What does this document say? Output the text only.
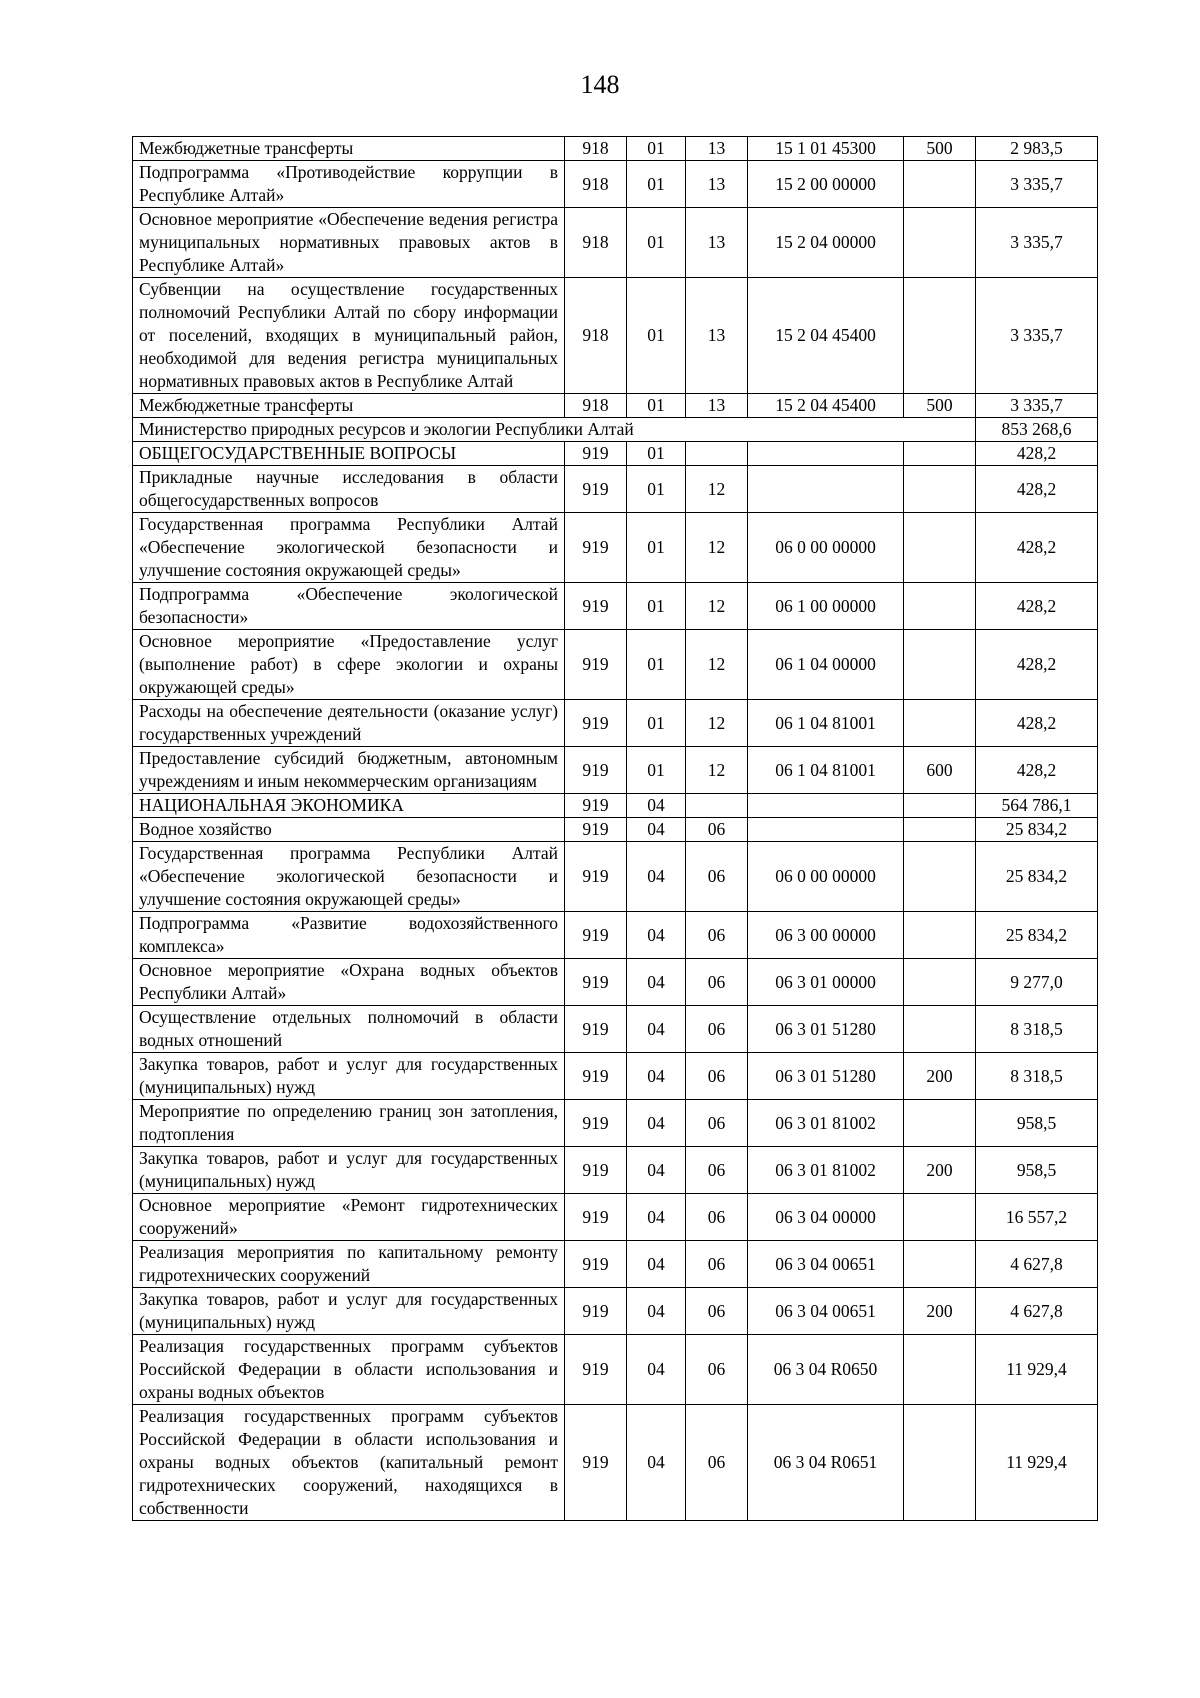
148
Межбюджетные трансферты	918	01	13	15 1 01 45300	500	2 983,5
Подпрограмма «Противодействие коррупции в Республике Алтай»	918	01	13	15 2 00 00000		3 335,7
Основное мероприятие «Обеспечение ведения регистра муниципальных нормативных правовых актов в Республике Алтай»	918	01	13	15 2 04 00000		3 335,7
Субвенции на осуществление государственных полномочий Республики Алтай по сбору информации от поселений, входящих в муниципальный район, необходимой для ведения регистра муниципальных нормативных правовых актов в Республике Алтай	918	01	13	15 2 04 45400		3 335,7
Межбюджетные трансферты	918	01	13	15 2 04 45400	500	3 335,7
Министерство природных ресурсов и экологии Республики Алтай						853 268,6
ОБЩЕГОСУДАРСТВЕННЫЕ ВОПРОСЫ	919	01				428,2
Прикладные научные исследования в области общегосударственных вопросов	919	01	12			428,2
Государственная программа Республики Алтай «Обеспечение экологической безопасности и улучшение состояния окружающей среды»	919	01	12	06 0 00 00000		428,2
Подпрограмма «Обеспечение экологической безопасности»	919	01	12	06 1 00 00000		428,2
Основное мероприятие «Предоставление услуг (выполнение работ) в сфере экологии и охраны окружающей среды»	919	01	12	06 1 04 00000		428,2
Расходы на обеспечение деятельности (оказание услуг) государственных учреждений	919	01	12	06 1 04 81001		428,2
Предоставление субсидий бюджетным, автономным учреждениям и иным некоммерческим организациям	919	01	12	06 1 04 81001	600	428,2
НАЦИОНАЛЬНАЯ ЭКОНОМИКА	919	04				564 786,1
Водное хозяйство	919	04	06			25 834,2
Государственная программа Республики Алтай «Обеспечение экологической безопасности и улучшение состояния окружающей среды»	919	04	06	06 0 00 00000		25 834,2
Подпрограмма «Развитие водохозяйственного комплекса»	919	04	06	06 3 00 00000		25 834,2
Основное мероприятие «Охрана водных объектов Республики Алтай»	919	04	06	06 3 01 00000		9 277,0
Осуществление отдельных полномочий в области водных отношений	919	04	06	06 3 01 51280		8 318,5
Закупка товаров, работ и услуг для государственных (муниципальных) нужд	919	04	06	06 3 01 51280	200	8 318,5
Мероприятие по определению границ зон затопления, подтопления	919	04	06	06 3 01 81002		958,5
Закупка товаров, работ и услуг для государственных (муниципальных) нужд	919	04	06	06 3 01 81002	200	958,5
Основное мероприятие «Ремонт гидротехнических сооружений»	919	04	06	06 3 04 00000		16 557,2
Реализация мероприятия по капитальному ремонту гидротехнических сооружений	919	04	06	06 3 04 00651		4 627,8
Закупка товаров, работ и услуг для государственных (муниципальных) нужд	919	04	06	06 3 04 00651	200	4 627,8
Реализация государственных программ субъектов Российской Федерации в области использования и охраны водных объектов	919	04	06	06 3 04 R0650		11 929,4
Реализация государственных программ субъектов Российской Федерации в области использования и охраны водных объектов (капитальный ремонт гидротехнических сооружений, находящихся в собственности	919	04	06	06 3 04 R0651		11 929,4
